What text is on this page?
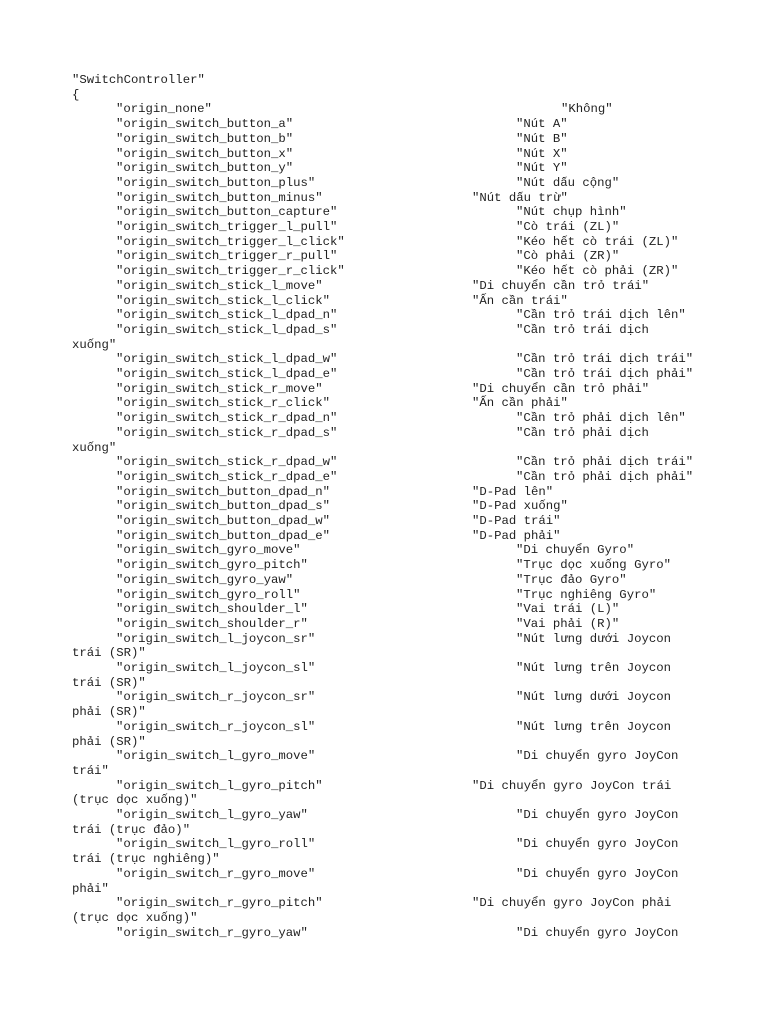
"SwitchController"
{
"origin_none"	"Không"
"origin_switch_button_a"	"Nút A"
"origin_switch_button_b"	"Nút B"
"origin_switch_button_x"	"Nút X"
"origin_switch_button_y"	"Nút Y"
"origin_switch_button_plus"	"Nút dấu cộng"
"origin_switch_button_minus"	"Nút dấu trừ"
"origin_switch_button_capture"	"Nút chụp hình"
"origin_switch_trigger_l_pull"	"Cò trái (ZL)"
"origin_switch_trigger_l_click"	"Kéo hết cò trái (ZL)"
"origin_switch_trigger_r_pull"	"Cò phải (ZR)"
"origin_switch_trigger_r_click"	"Kéo hết cò phải (ZR)"
"origin_switch_stick_l_move"	"Di chuyển cần trỏ trái"
"origin_switch_stick_l_click"	"Ấn cần trái"
"origin_switch_stick_l_dpad_n"	"Cần trỏ trái dịch lên"
"origin_switch_stick_l_dpad_s"	"Cần trỏ trái dịch
xuống"
"origin_switch_stick_l_dpad_w"	"Cần trỏ trái dịch trái"
"origin_switch_stick_l_dpad_e"	"Cần trỏ trái dịch phải"
"origin_switch_stick_r_move"	"Di chuyển cần trỏ phải"
"origin_switch_stick_r_click"	"Ấn cần phải"
"origin_switch_stick_r_dpad_n"	"Cần trỏ phải dịch lên"
"origin_switch_stick_r_dpad_s"	"Cần trỏ phải dịch
xuống"
"origin_switch_stick_r_dpad_w"	"Cần trỏ phải dịch trái"
"origin_switch_stick_r_dpad_e"	"Cần trỏ phải dịch phải"
"origin_switch_button_dpad_n"	"D-Pad lên"
"origin_switch_button_dpad_s"	"D-Pad xuống"
"origin_switch_button_dpad_w"	"D-Pad trái"
"origin_switch_button_dpad_e"	"D-Pad phải"
"origin_switch_gyro_move"	"Di chuyển Gyro"
"origin_switch_gyro_pitch"	"Trục dọc xuống Gyro"
"origin_switch_gyro_yaw"	"Trục đảo Gyro"
"origin_switch_gyro_roll"	"Trục nghiêng Gyro"
"origin_switch_shoulder_l"	"Vai trái (L)"
"origin_switch_shoulder_r"	"Vai phải (R)"
"origin_switch_l_joycon_sr"	"Nút lưng dưới Joycon
trái (SR)"
"origin_switch_l_joycon_sl"	"Nút lưng trên Joycon
trái (SR)"
"origin_switch_r_joycon_sr"	"Nút lưng dưới Joycon
phải (SR)"
"origin_switch_r_joycon_sl"	"Nút lưng trên Joycon
phải (SR)"
"origin_switch_l_gyro_move"	"Di chuyển gyro JoyCon
trái"
"origin_switch_l_gyro_pitch"	"Di chuyển gyro JoyCon trái
(trục dọc xuống)"
"origin_switch_l_gyro_yaw"	"Di chuyển gyro JoyCon
trái (trục đảo)"
"origin_switch_l_gyro_roll"	"Di chuyển gyro JoyCon
trái (trục nghiêng)"
"origin_switch_r_gyro_move"	"Di chuyển gyro JoyCon
phải"
"origin_switch_r_gyro_pitch"	"Di chuyển gyro JoyCon phải
(trục dọc xuống)"
"origin_switch_r_gyro_yaw"	"Di chuyển gyro JoyCon
